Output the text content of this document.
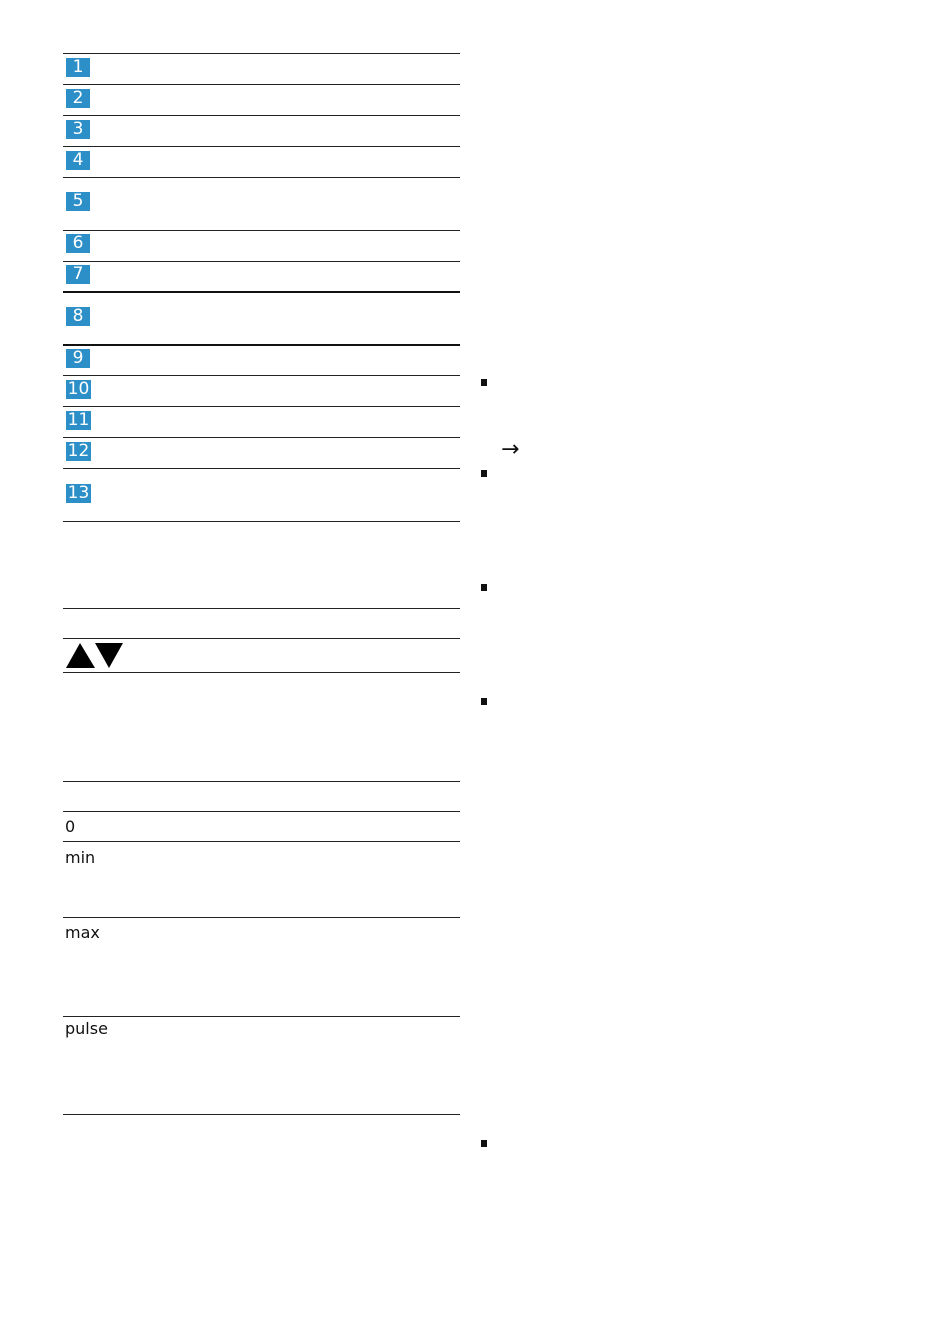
1
2
3
4
5
6
7
8
9
10
11
12
13
0
min
max
pulse
→
